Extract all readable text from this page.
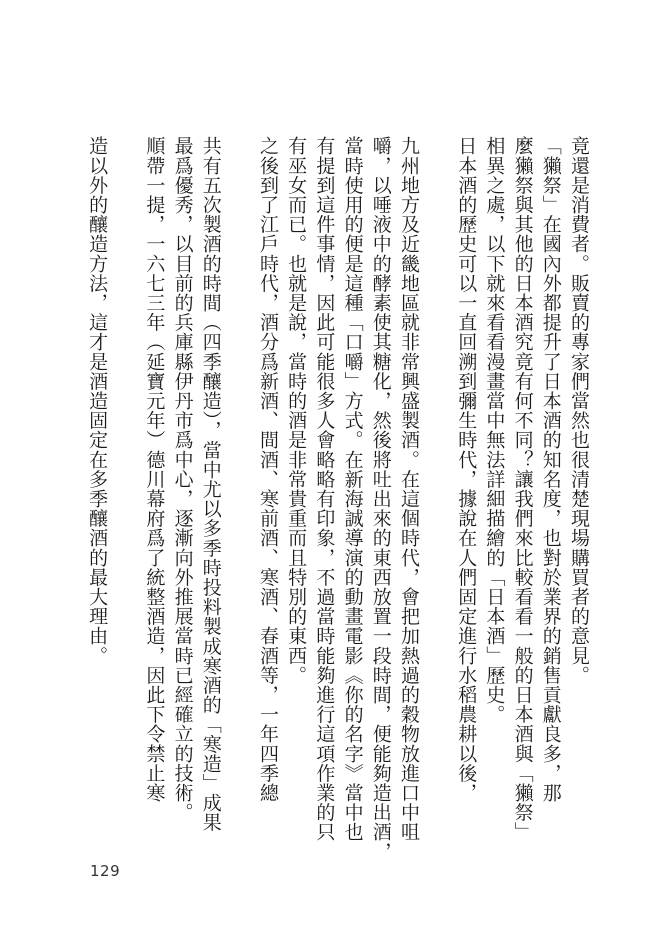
竟還是消費者。販賣的專家們當然也很清楚現場購買者的意見。

「獺祭」在國內外都提升了日本酒的知名度，也對於業界的銷售貢獻良多，那

麼獺祭與其他的日本酒究竟有何不同？讓我們來比較看看一般的日本酒與「獺祭」

相異之處，以下就來看看漫畫當中無法詳細描繪的「日本酒」歷史。

日本酒的歷史可以一直回溯到彌生時代，據說在人們固定進行水稻農耕以後，

九州地方及近畿地區就非常興盛製酒。在這個時代，會把加熱過的穀物放進口中咀

嚼，以唾液中的酵素使其糖化，然後將吐出來的東西放置一段時間，便能夠造出酒，

當時使用的便是這種「口嚼」方式。在新海誠導演的動畫電影《你的名字》當中也

有提到這件事情，因此可能很多人會略略有印象，不過當時能夠進行這項作業的只

有巫女而已。也就是說，當時的酒是非常貴重而且特別的東西。

之後到了江戶時代，酒分爲新酒、間酒、寒前酒、寒酒、春酒等，一年四季總

共有五次製酒的時間（四季釀造），當中尤以多季時投料製成寒酒的「寒造」成果

最爲優秀，以目前的兵庫縣伊丹市爲中心，逐漸向外推展當時已經確立的技術。

順帶一提，一六七三年（延寶元年）德川幕府爲了統整酒造，因此下令禁止寒

造以外的釀造方法，這才是酒造固定在多季釀酒的最大理由。

129
